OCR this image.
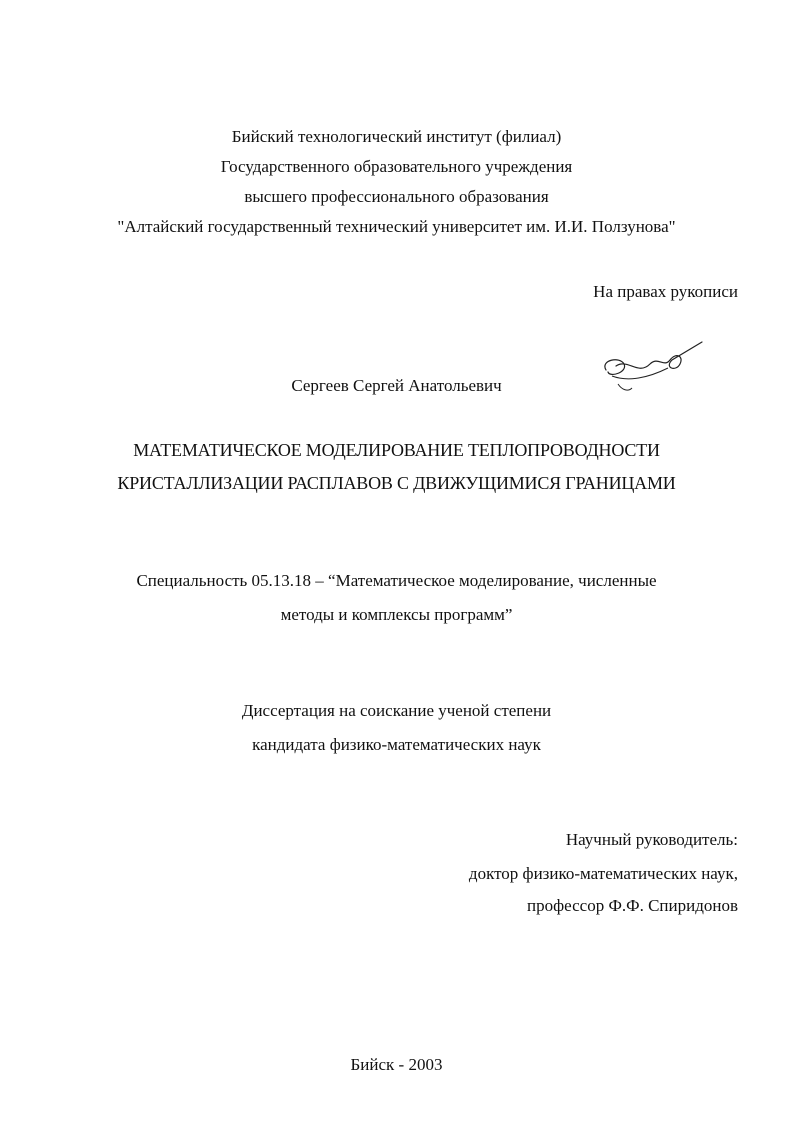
Бийский технологический институт (филиал)
Государственного образовательного учреждения
высшего профессионального образования
"Алтайский государственный технический университет им. И.И. Ползунова"
На правах рукописи
Сергеев Сергей Анатольевич
МАТЕМАТИЧЕСКОЕ МОДЕЛИРОВАНИЕ ТЕПЛОПРОВОДНОСТИ
КРИСТАЛЛИЗАЦИИ РАСПЛАВОВ С ДВИЖУЩИМИСЯ ГРАНИЦАМИ
Специальность 05.13.18 – “Математическое моделирование, численные
методы и комплексы программ”
Диссертация на соискание ученой степени
кандидата физико-математических наук
Научный руководитель:
доктор физико-математических наук,
профессор Ф.Ф. Спиридонов
Бийск - 2003
